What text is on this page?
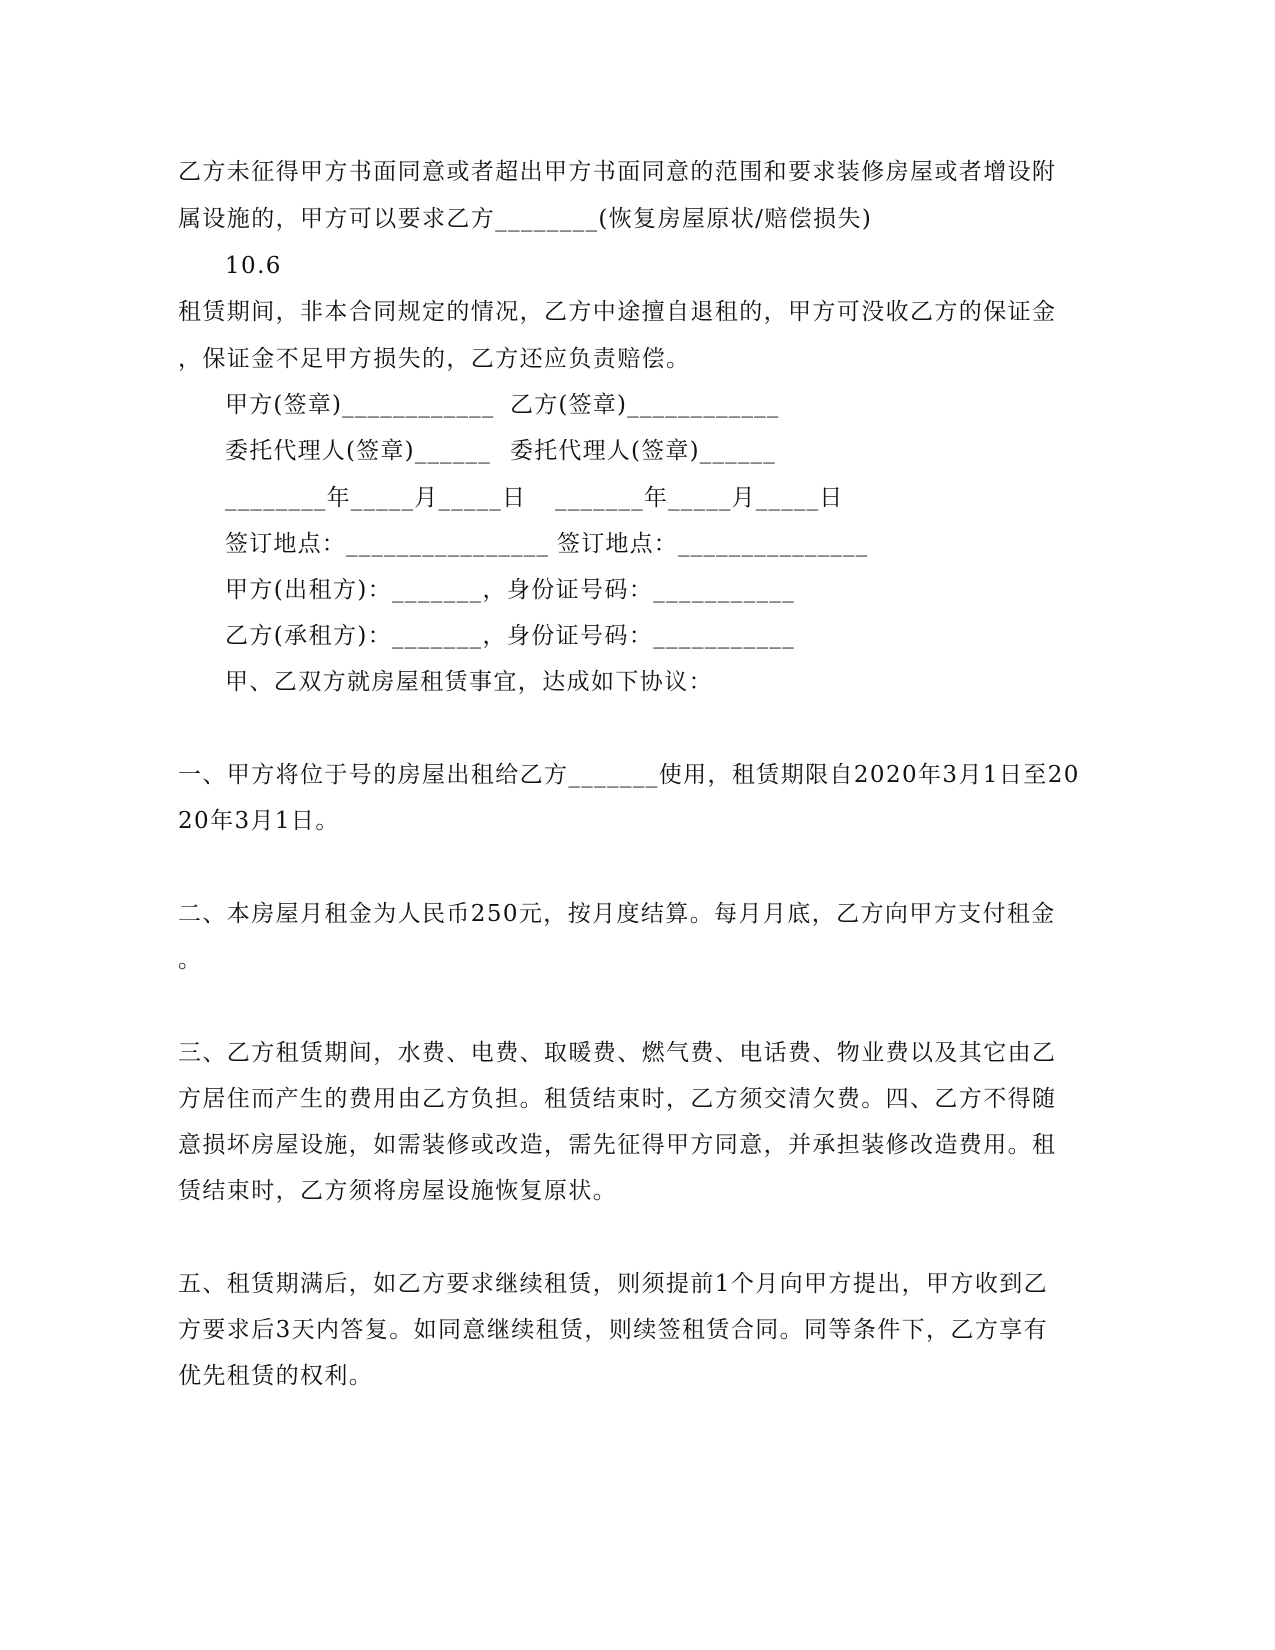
乙方未征得甲方书面同意或者超出甲方书面同意的范围和要求装修房屋或者增设附
属设施的，甲方可以要求乙方________(恢复房屋原状/赔偿损失)
10.6
租赁期间，非本合同规定的情况，乙方中途擅自退租的，甲方可没收乙方的保证金
，保证金不足甲方损失的，乙方还应负责赔偿。
甲方(签章)____________ 乙方(签章)____________
委托代理人(签章)______ 委托代理人(签章)______
________年_____月_____日 _______年_____月_____日
签订地点：________________ 签订地点：_______________
甲方(出租方)：_______，身份证号码：___________
乙方(承租方)：_______，身份证号码：___________
甲、乙双方就房屋租赁事宜，达成如下协议：
一、甲方将位于号的房屋出租给乙方_______使用，租赁期限自2020年3月1日至20
20年3月1日。
二、本房屋月租金为人民币250元，按月度结算。每月月底，乙方向甲方支付租金
。
三、乙方租赁期间，水费、电费、取暖费、燃气费、电话费、物业费以及其它由乙
方居住而产生的费用由乙方负担。租赁结束时，乙方须交清欠费。四、乙方不得随
意损坏房屋设施，如需装修或改造，需先征得甲方同意，并承担装修改造费用。租
赁结束时，乙方须将房屋设施恢复原状。
五、租赁期满后，如乙方要求继续租赁，则须提前1个月向甲方提出，甲方收到乙
方要求后3天内答复。如同意继续租赁，则续签租赁合同。同等条件下，乙方享有
优先租赁的权利。
